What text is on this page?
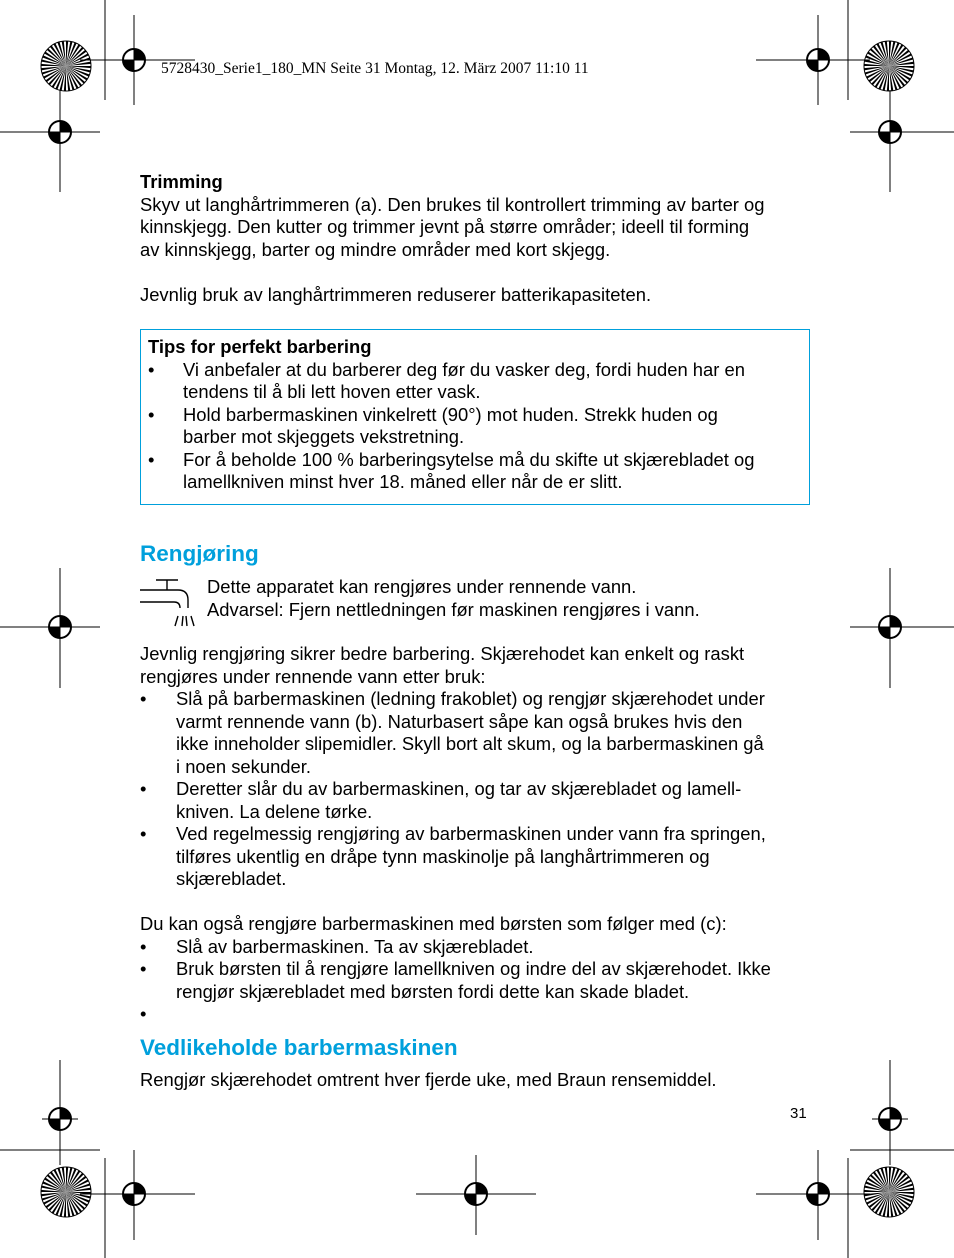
5728430_Serie1_180_MN Seite 31 Montag, 12. März 2007 11:10 11
Trimming
Skyv ut langhårtrimmeren (a). Den brukes til kontrollert trimming av barter og
kinnskjegg. Den kutter og trimmer jevnt på større områder; ideell til forming
av kinnskjegg, barter og mindre områder med kort skjegg.
Jevnlig bruk av langhårtrimmeren reduserer batterikapasiteten.
Tips for perfekt barbering
• Vi anbefaler at du barberer deg før du vasker deg, fordi huden har en
tendens til å bli lett hoven etter vask.
• Hold barbermaskinen vinkelrett (90°) mot huden. Strekk huden og
barber mot skjeggets vekstretning.
• For å beholde 100 % barberingsytelse må du skifte ut skjærebladet og
lamellkniven minst hver 18. måned eller når de er slitt.
Rengjøring
Dette apparatet kan rengjøres under rennende vann.
Advarsel: Fjern nettledningen før maskinen rengjøres i vann.
Jevnlig rengjøring sikrer bedre barbering. Skjærehodet kan enkelt og raskt
rengjøres under rennende vann etter bruk:
• Slå på barbermaskinen (ledning frakoblet) og rengjør skjærehodet under
varmt rennende vann (b). Naturbasert såpe kan også brukes hvis den
ikke inneholder slipemidler. Skyll bort alt skum, og la barbermaskinen gå
i noen sekunder.
• Deretter slår du av barbermaskinen, og tar av skjærebladet og lamell-
kniven. La delene tørke.
• Ved regelmessig rengjøring av barbermaskinen under vann fra springen,
tilføres ukentlig en dråpe tynn maskinolje på langhårtrimmeren og
skjærebladet.
Du kan også rengjøre barbermaskinen med børsten som følger med (c):
• Slå av barbermaskinen. Ta av skjærebladet.
• Bruk børsten til å rengjøre lamellkniven og indre del av skjærehodet. Ikke
rengjør skjærebladet med børsten fordi dette kan skade bladet.
•
Vedlikeholde barbermaskinen
Rengjør skjærehodet omtrent hver fjerde uke, med Braun rensemiddel.
31
